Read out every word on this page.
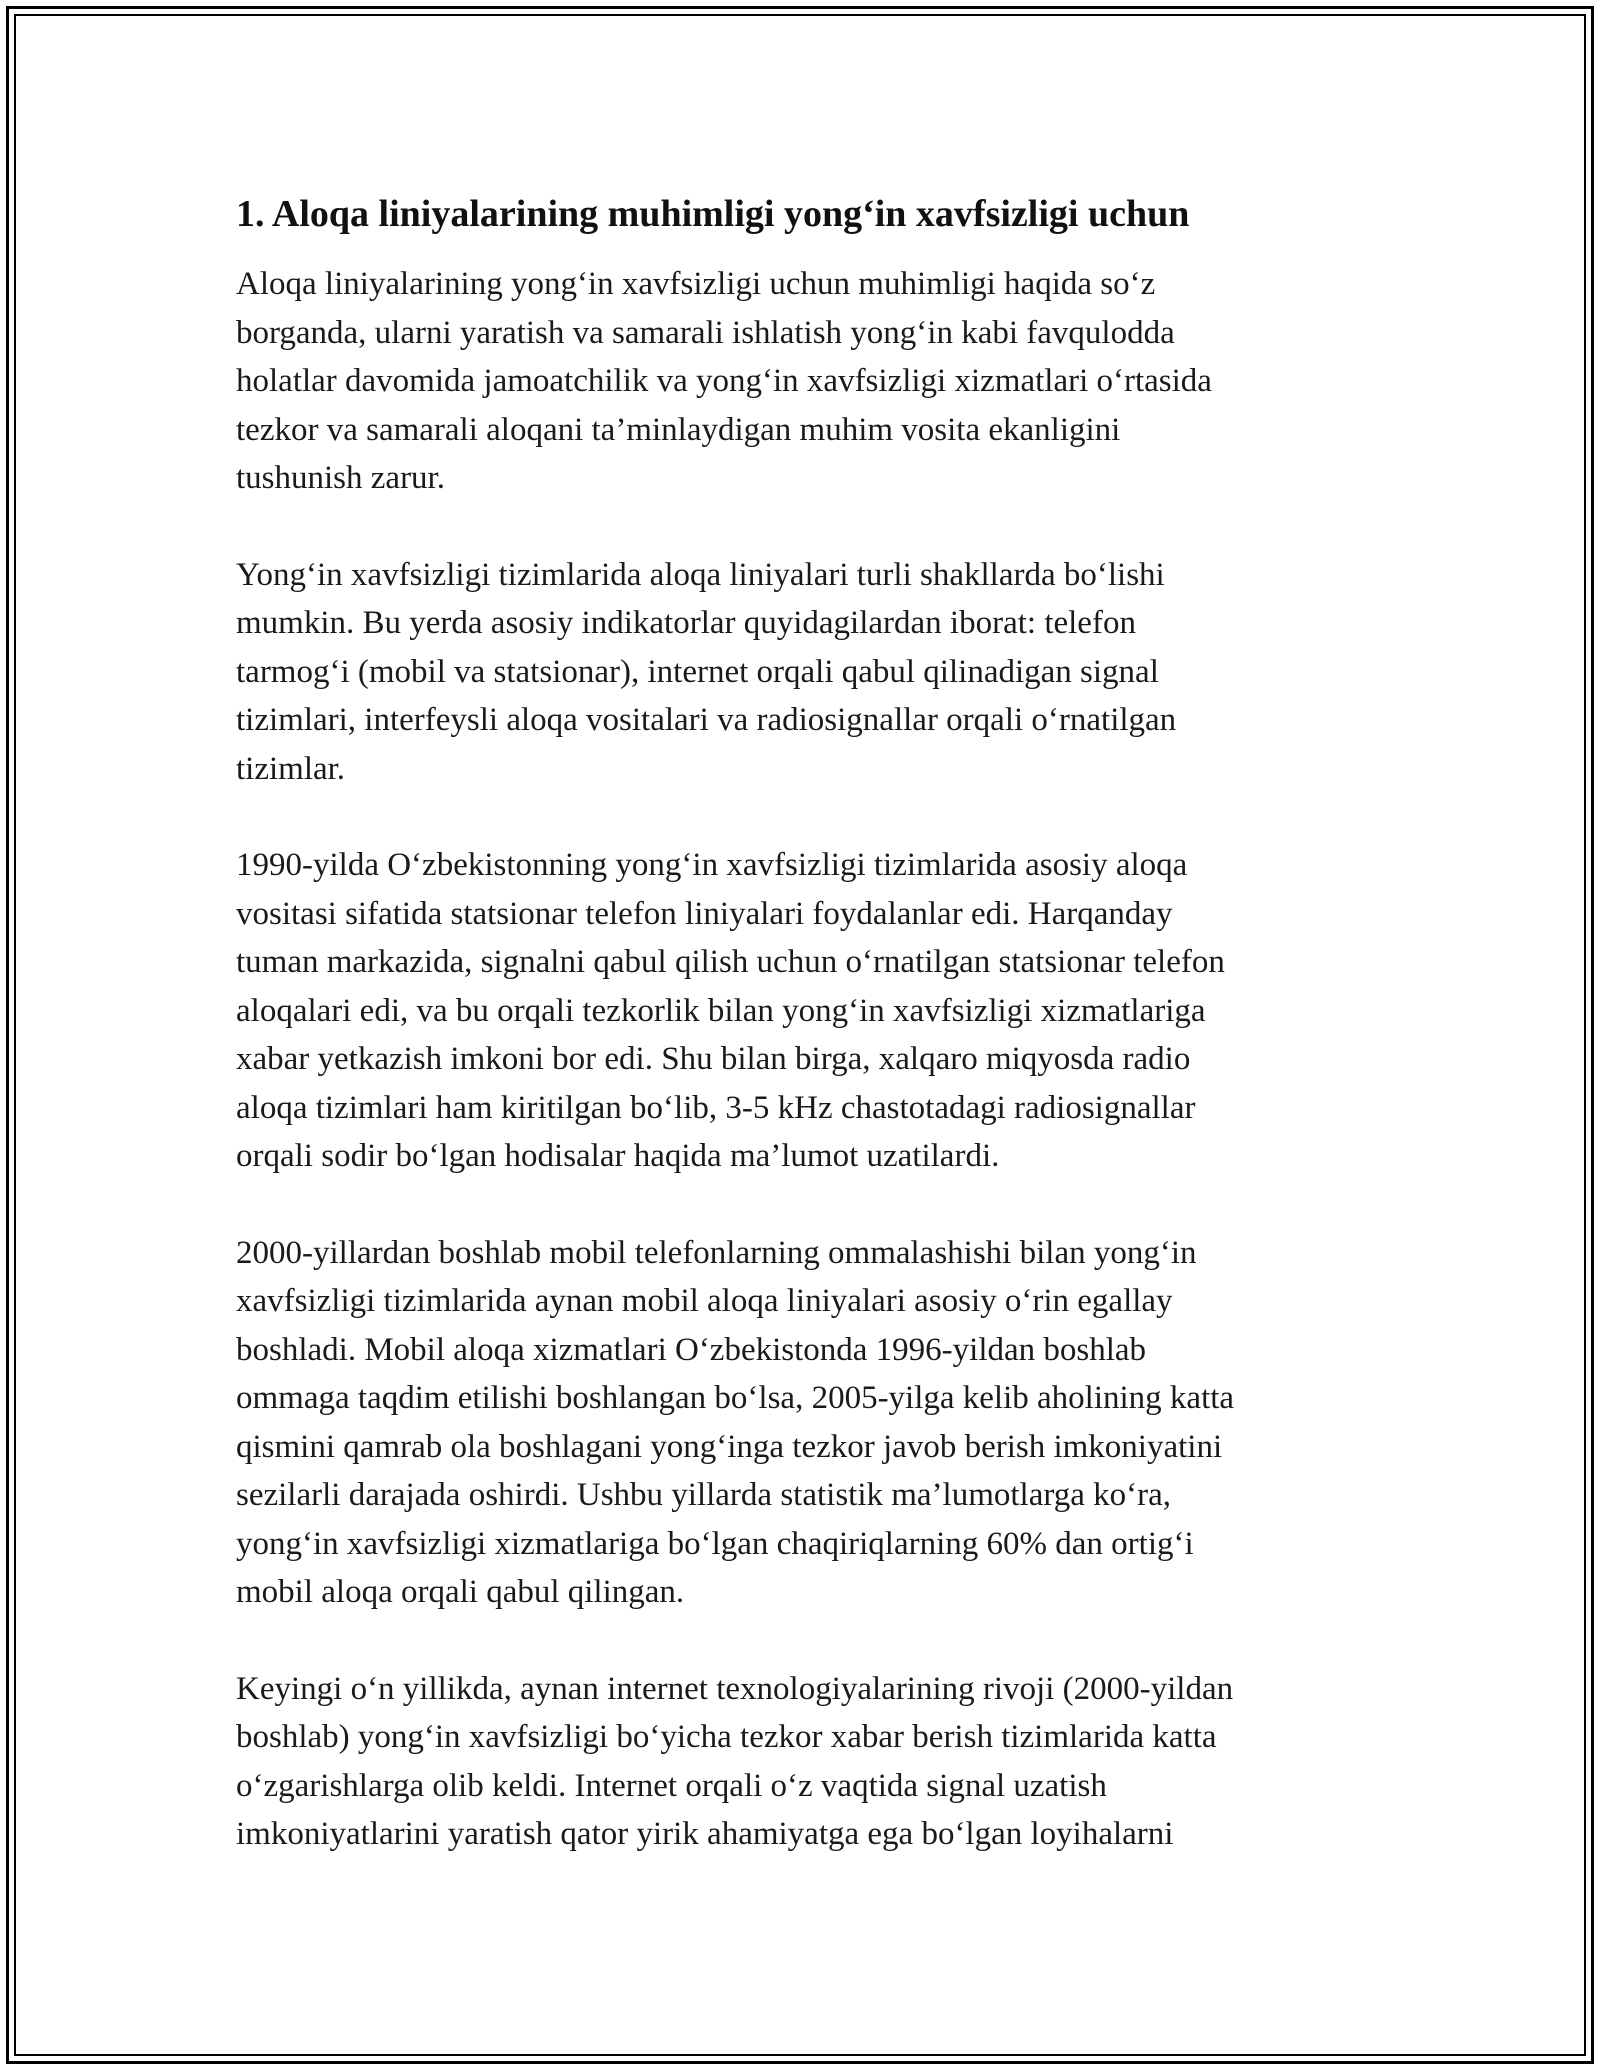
1. Aloqa liniyalarining muhimligi yong‘in xavfsizligi uchun

Aloqa liniyalarining yong‘in xavfsizligi uchun muhimligi haqida so‘z
borganda, ularni yaratish va samarali ishlatish yong‘in kabi favqulodda
holatlar davomida jamoatchilik va yong‘in xavfsizligi xizmatlari o‘rtasida
tezkor va samarali aloqani ta’minlaydigan muhim vosita ekanligini
tushunish zarur.

Yong‘in xavfsizligi tizimlarida aloqa liniyalari turli shakllarda bo‘lishi
mumkin. Bu yerda asosiy indikatorlar quyidagilardan iborat: telefon
tarmog‘i (mobil va statsionar), internet orqali qabul qilinadigan signal
tizimlari, interfeysli aloqa vositalari va radiosignallar orqali o‘rnatilgan
tizimlar.

1990-yilda O‘zbekistonning yong‘in xavfsizligi tizimlarida asosiy aloqa
vositasi sifatida statsionar telefon liniyalari foydalanlar edi. Harqanday
tuman markazida, signalni qabul qilish uchun o‘rnatilgan statsionar telefon
aloqalari edi, va bu orqali tezkorlik bilan yong‘in xavfsizligi xizmatlariga
xabar yetkazish imkoni bor edi. Shu bilan birga, xalqaro miqyosda radio
aloqa tizimlari ham kiritilgan bo‘lib, 3-5 kHz chastotadagi radiosignallar
orqali sodir bo‘lgan hodisalar haqida ma’lumot uzatilardi.

2000-yillardan boshlab mobil telefonlarning ommalashishi bilan yong‘in
xavfsizligi tizimlarida aynan mobil aloqa liniyalari asosiy o‘rin egallay
boshladi. Mobil aloqa xizmatlari O‘zbekistonda 1996-yildan boshlab
ommaga taqdim etilishi boshlangan bo‘lsa, 2005-yilga kelib aholining katta
qismini qamrab ola boshlagani yong‘inga tezkor javob berish imkoniyatini
sezilarli darajada oshirdi. Ushbu yillarda statistik ma’lumotlarga ko‘ra,
yong‘in xavfsizligi xizmatlariga bo‘lgan chaqiriqlarning 60% dan ortig‘i
mobil aloqa orqali qabul qilingan.

Keyingi o‘n yillikda, aynan internet texnologiyalarining rivoji (2000-yildan
boshlab) yong‘in xavfsizligi bo‘yicha tezkor xabar berish tizimlarida katta
o‘zgarishlarga olib keldi. Internet orqali o‘z vaqtida signal uzatish
imkoniyatlarini yaratish qator yirik ahamiyatga ega bo‘lgan loyihalarni
